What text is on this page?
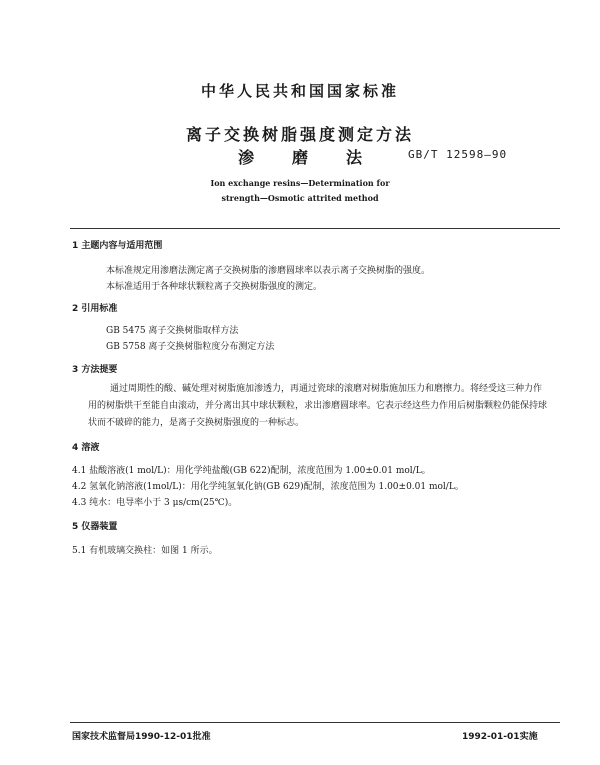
中华人民共和国国家标准
离子交换树脂强度测定方法
渗磨法 GB/T 12598—90
Ion exchange resins—Determination for
strength—Osmotic attrited method
1 主题内容与适用范围
本标准规定用渗磨法测定离子交换树脂的渗磨圆球率以表示离子交换树脂的强度。
本标准适用于各种球状颗粒离子交换树脂强度的测定。
2 引用标准
GB 5475 离子交换树脂取样方法
GB 5758 离子交换树脂粒度分布测定方法
3 方法提要
通过周期性的酸、碱处理对树脂施加渗透力，再通过瓷球的滚磨对树脂施加压力和磨擦力。将经受这三种力作用的树脂烘干至能自由滚动，并分离出其中球状颗粒，求出渗磨圆球率。它表示经这些力作用后树脂颗粒仍能保持球状而不破碎的能力，是离子交换树脂强度的一种标志。
4 溶液
4.1 盐酸溶液(1 mol/L)：用化学纯盐酸(GB 622)配制，浓度范围为 1.00±0.01 mol/L。
4.2 氢氧化钠溶液(1mol/L)：用化学纯氢氧化钠(GB 629)配制，浓度范围为 1.00±0.01 mol/L。
4.3 纯水：电导率小于 3 μs/cm(25℃)。
5 仪器装置
5.1 有机玻璃交换柱：如图 1 所示。
国家技术监督局1990-12-01批准	1992-01-01实施
